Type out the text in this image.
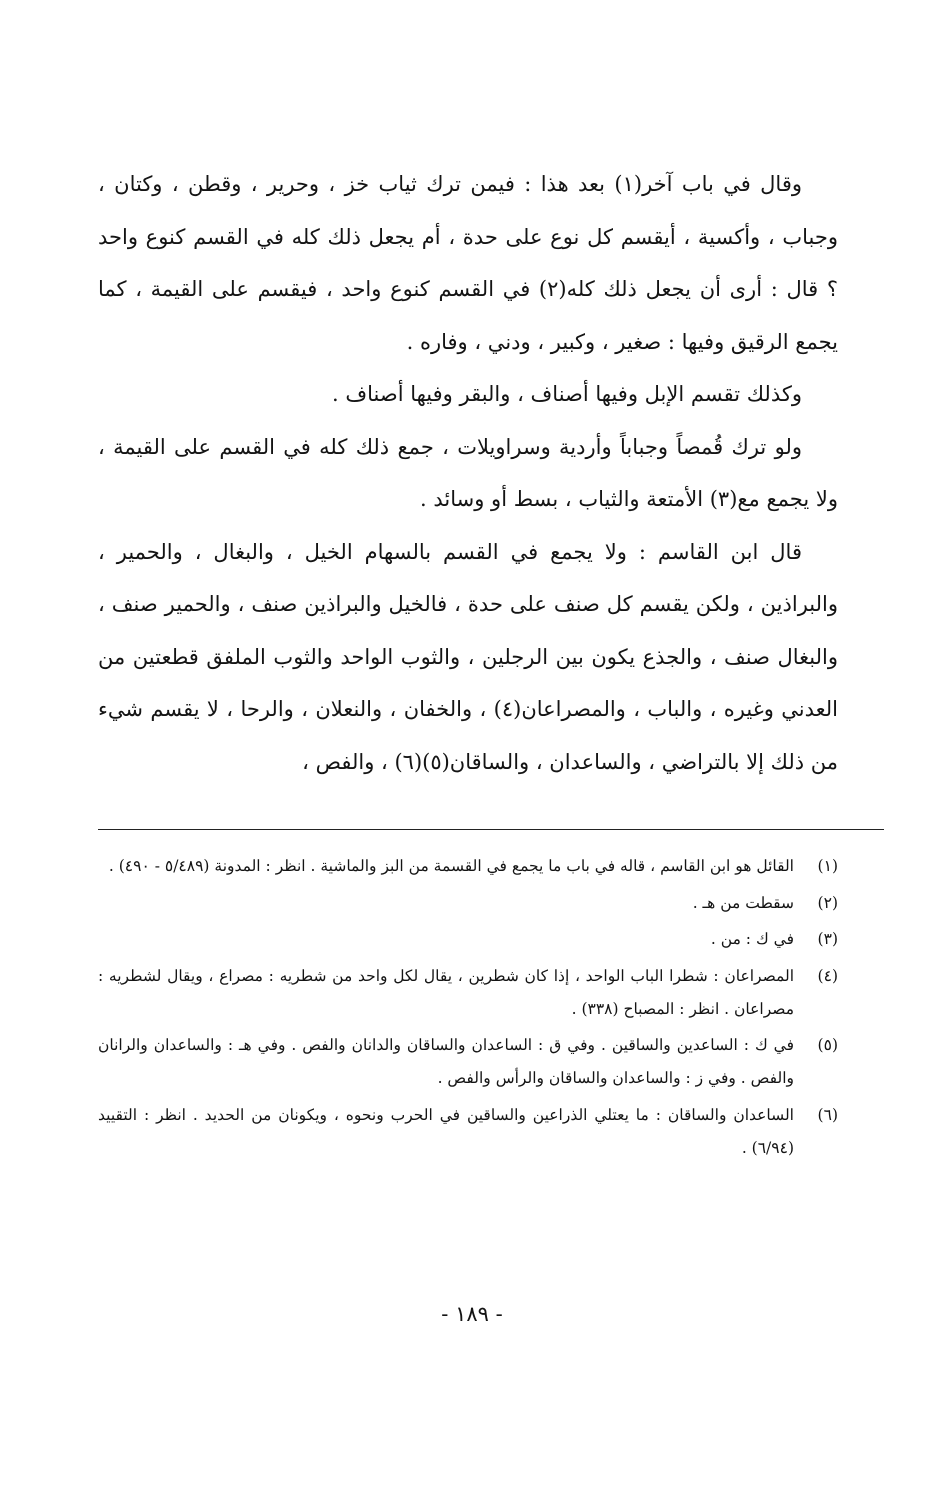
وقال في باب آخر(١) بعد هذا : فيمن ترك ثياب خز ، وحرير ، وقطن ، وكتان ، وجباب ، وأكسية ، أيقسم كل نوع على حدة ، أم يجعل ذلك كله في القسم كنوع واحد ؟ قال : أرى أن يجعل ذلك كله(٢) في القسم كنوع واحد ، فيقسم على القيمة ، كما يجمع الرقيق وفيها : صغير ، وكبير ، ودني ، وفاره .

وكذلك تقسم الإبل وفيها أصناف ، والبقر وفيها أصناف .

ولو ترك قُمصاً وجباباً وأردية وسراويلات ، جمع ذلك كله في القسم على القيمة ، ولا يجمع مع(٣) الأمتعة والثياب ، بسط أو وسائد .

قال ابن القاسم : ولا يجمع في القسم بالسهام الخيل ، والبغال ، والحمير ، والبراذين ، ولكن يقسم كل صنف على حدة ، فالخيل والبراذين صنف ، والحمير صنف ، والبغال صنف ، والجذع يكون بين الرجلين ، والثوب الواحد والثوب الملفق قطعتين من العدني وغيره ، والباب ، والمصراعان(٤) ، والخفان ، والنعلان ، والرحا ، لا يقسم شيء من ذلك إلا بالتراضي ، والساعدان ، والساقان(٥)(٦) ، والفص ،

(١)
القائل هو ابن القاسم ، قاله في باب ما يجمع في القسمة من البز والماشية . انظر : المدونة (٥/٤٨٩ - ٤٩٠) .
(٢)
سقطت من هـ .
(٣)
في ك : من .
(٤)
المصراعان : شطرا الباب الواحد ، إذا كان شطرين ، يقال لكل واحد من شطريه : مصراع ، ويقال لشطريه : مصراعان . انظر : المصباح (٣٣٨) .
(٥)
في ك : الساعدين والساقين . وفي ق : الساعدان والساقان والدانان والفص . وفي هـ : والساعدان والرانان والفص . وفي ز : والساعدان والساقان والرأس والفص .
(٦)
الساعدان والساقان : ما يعتلي الذراعين والساقين في الحرب ونحوه ، ويكونان من الحديد . انظر : التقييد (٦/٩٤) .
- ١٨٩ -
